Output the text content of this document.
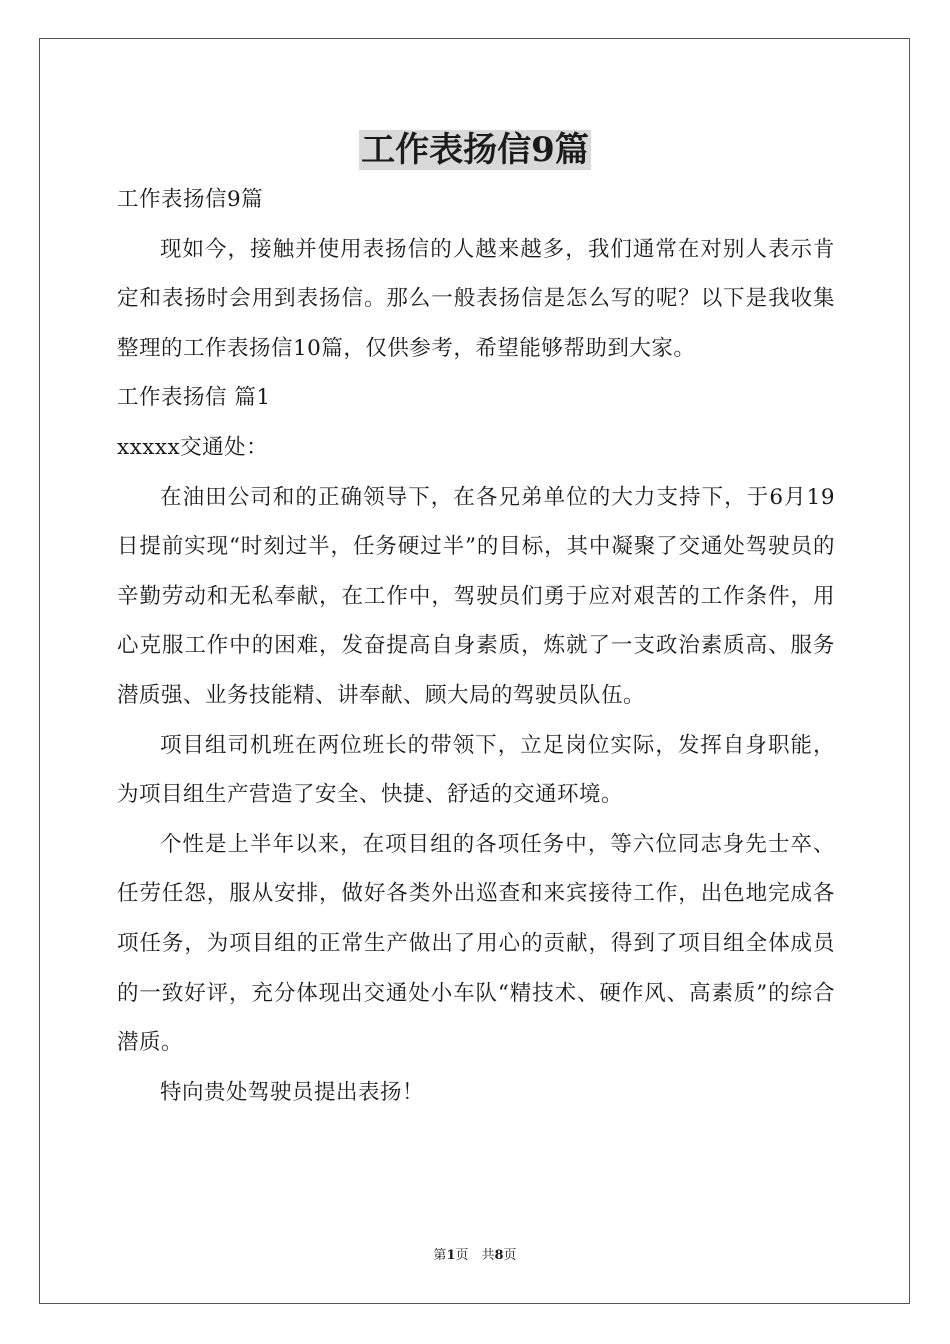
工作表扬信9篇

工作表扬信9篇

现如今，接触并使用表扬信的人越来越多，我们通常在对别人表示肯定和表扬时会用到表扬信。那么一般表扬信是怎么写的呢？以下是我收集整理的工作表扬信10篇，仅供参考，希望能够帮助到大家。

工作表扬信 篇1

xxxxx交通处：

在油田公司和的正确领导下，在各兄弟单位的大力支持下，于6月19日提前实现“时刻过半，任务硬过半”的目标，其中凝聚了交通处驾驶员的辛勤劳动和无私奉献，在工作中，驾驶员们勇于应对艰苦的工作条件，用心克服工作中的困难，发奋提高自身素质，炼就了一支政治素质高、服务潜质强、业务技能精、讲奉献、顾大局的驾驶员队伍。

项目组司机班在两位班长的带领下，立足岗位实际，发挥自身职能，为项目组生产营造了安全、快捷、舒适的交通环境。

个性是上半年以来，在项目组的各项任务中，等六位同志身先士卒、任劳任怨，服从安排，做好各类外出巡查和来宾接待工作，出色地完成各项任务，为项目组的正常生产做出了用心的贡献，得到了项目组全体成员的一致好评，充分体现出交通处小车队“精技术、硬作风、高素质”的综合潜质。

特向贵处驾驶员提出表扬！

第1页　共8页
